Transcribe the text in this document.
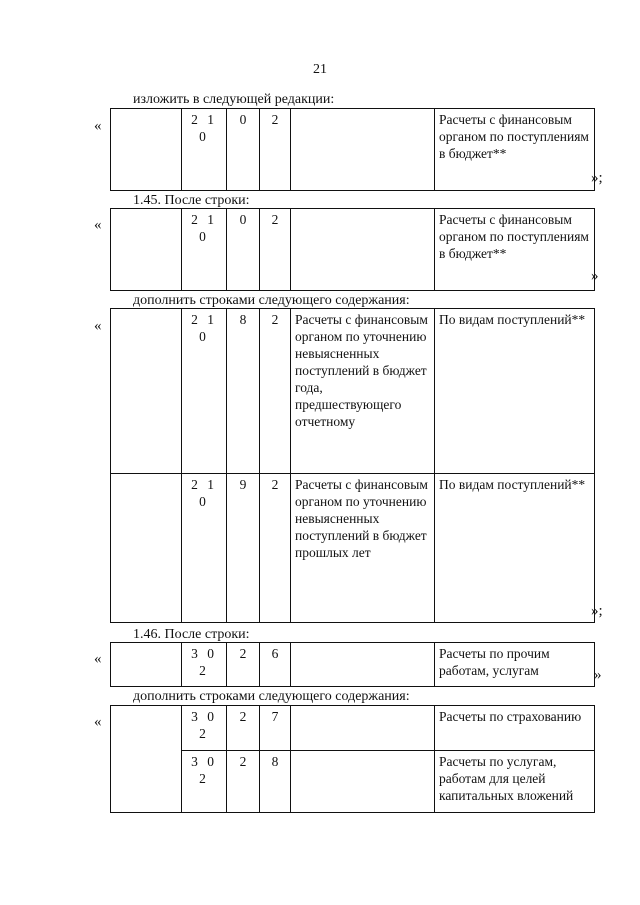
21
изложить в следующей редакции:
«
		2 1 0	0	2		Расчеты с финансовым органом по поступлениям в бюджет**
»;
1.45. После строки:
«
		2 1 0	0	2		Расчеты с финансовым органом по поступлениям в бюджет**
»
дополнить строками следующего содержания:
«
		2 1 0	8	2	Расчеты с финансовым органом по уточнению невыясненных поступлений в бюджет года, предшествующего отчетному	По видам поступлений**
	2 1 0	9	2	Расчеты с финансовым органом по уточнению невыясненных поступлений в бюджет прошлых лет	По видам поступлений**
»;
1.46. После строки:
«
		3 0 2	2	6		Расчеты по прочим работам, услугам	»
дополнить строками следующего содержания:
«
		3 0 2	2	7		Расчеты по страхованию
	3 0 2	2	8		Расчеты по услугам, работам для целей капитальных вложений
